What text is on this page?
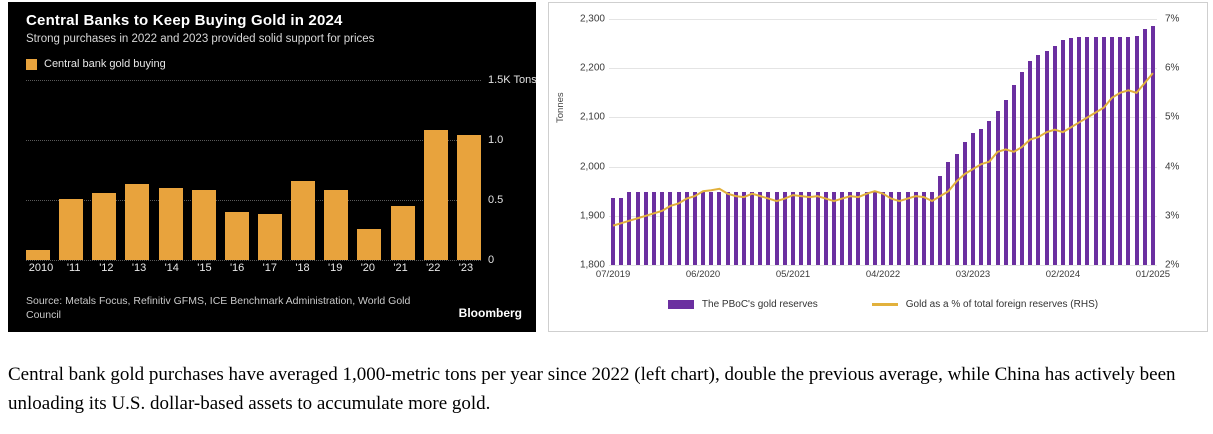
Central Banks to Keep Buying Gold in 2024
Strong purchases in 2022 and 2023 provided solid support for prices
Central bank gold buying
0
0.5
1.0
1.5K Tons
2010	'11	'12	'13	'14	'15	'16	'17	'18	'19	'20	'21	'22	'23
Source: Metals Focus, Refinitiv GFMS, ICE Benchmark Administration, World Gold Council	Bloomberg
Tonnes
1,800
1,900
2,000
2,100
2,200
2,300
2%
3%
4%
5%
6%
7%
07/2019	06/2020	05/2021	04/2022	03/2023	02/2024	01/2025
The PBoC's gold reserves	Gold as a % of total foreign reserves (RHS)
Central bank gold purchases have averaged 1,000-metric tons per year since 2022 (left chart), double the previous average, while China has actively been unloading its U.S. dollar-based assets to accumulate more gold.
